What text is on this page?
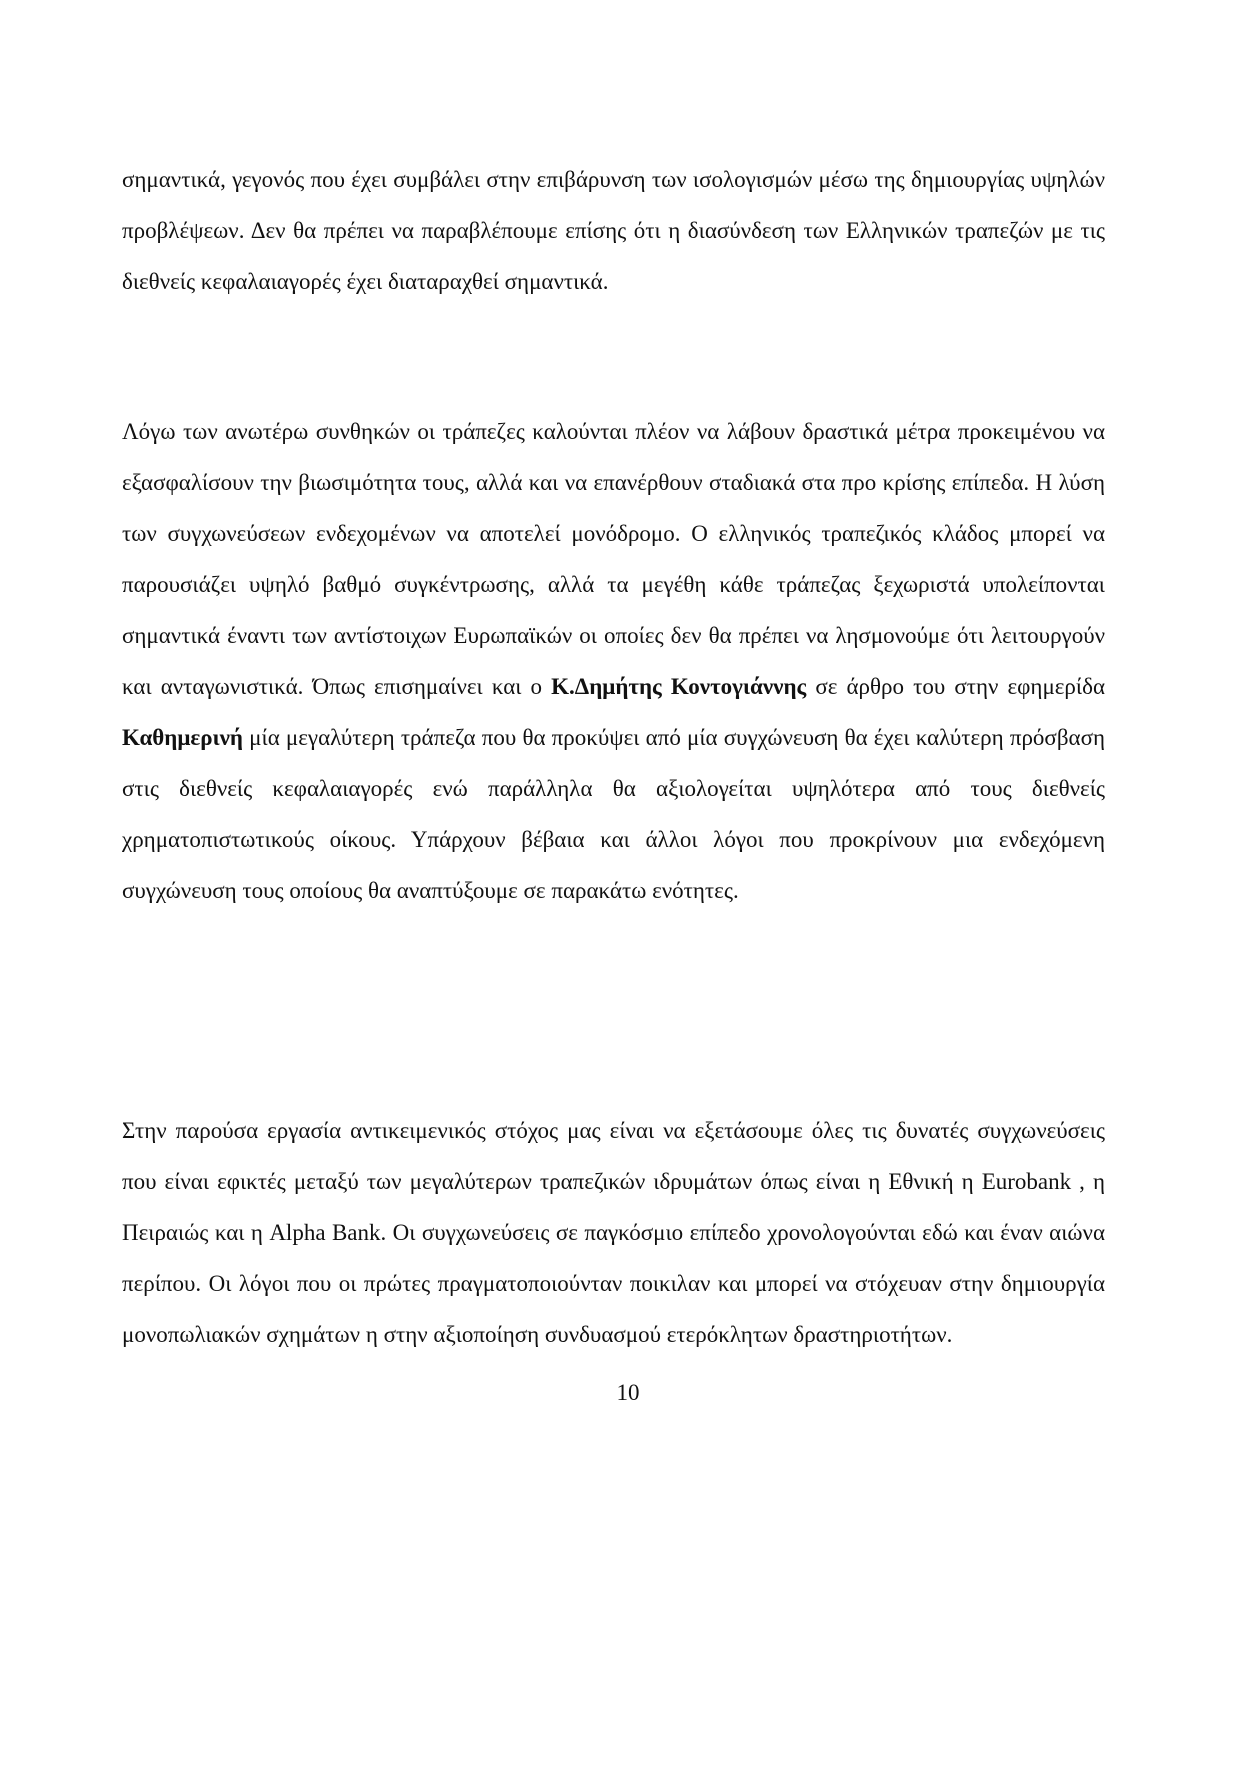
σημαντικά, γεγονός που έχει συμβάλει στην επιβάρυνση των ισολογισμών μέσω της δημιουργίας υψηλών προβλέψεων. Δεν θα πρέπει να παραβλέπουμε επίσης ότι η διασύνδεση των Ελληνικών τραπεζών με τις διεθνείς κεφαλαιαγορές έχει διαταραχθεί σημαντικά.

Λόγω των ανωτέρω συνθηκών οι τράπεζες καλούνται πλέον να λάβουν δραστικά μέτρα προκειμένου να εξασφαλίσουν την βιωσιμότητα τους, αλλά και να επανέρθουν σταδιακά στα προ κρίσης επίπεδα. Η λύση των συγχωνεύσεων ενδεχομένων να αποτελεί μονόδρομο. Ο ελληνικός τραπεζικός κλάδος μπορεί να παρουσιάζει υψηλό βαθμό συγκέντρωσης, αλλά τα μεγέθη κάθε τράπεζας ξεχωριστά υπολείπονται σημαντικά έναντι των αντίστοιχων Ευρωπαϊκών οι οποίες δεν θα πρέπει να λησμονούμε ότι λειτουργούν και ανταγωνιστικά. Όπως επισημαίνει και ο Κ.Δημήτης Κοντογιάννης σε άρθρο του στην εφημερίδα Καθημερινή μία μεγαλύτερη τράπεζα που θα προκύψει από μία συγχώνευση θα έχει καλύτερη πρόσβαση στις διεθνείς κεφαλαιαγορές ενώ παράλληλα θα αξιολογείται υψηλότερα από τους διεθνείς χρηματοπιστωτικούς οίκους. Υπάρχουν βέβαια και άλλοι λόγοι που προκρίνουν μια ενδεχόμενη συγχώνευση τους οποίους θα αναπτύξουμε σε παρακάτω ενότητες.

Στην παρούσα εργασία αντικειμενικός στόχος μας είναι να εξετάσουμε όλες τις δυνατές συγχωνεύσεις που είναι εφικτές μεταξύ των μεγαλύτερων τραπεζικών ιδρυμάτων όπως είναι η Εθνική η Eurobank , η Πειραιώς και η Alpha Bank. Οι συγχωνεύσεις σε παγκόσμιο επίπεδο χρονολογούνται εδώ και έναν αιώνα περίπου. Οι λόγοι που οι πρώτες πραγματοποιούνταν ποικιλαν και μπορεί να στόχευαν στην δημιουργία μονοπωλιακών σχημάτων η στην αξιοποίηση συνδυασμού ετερόκλητων δραστηριοτήτων.

10
